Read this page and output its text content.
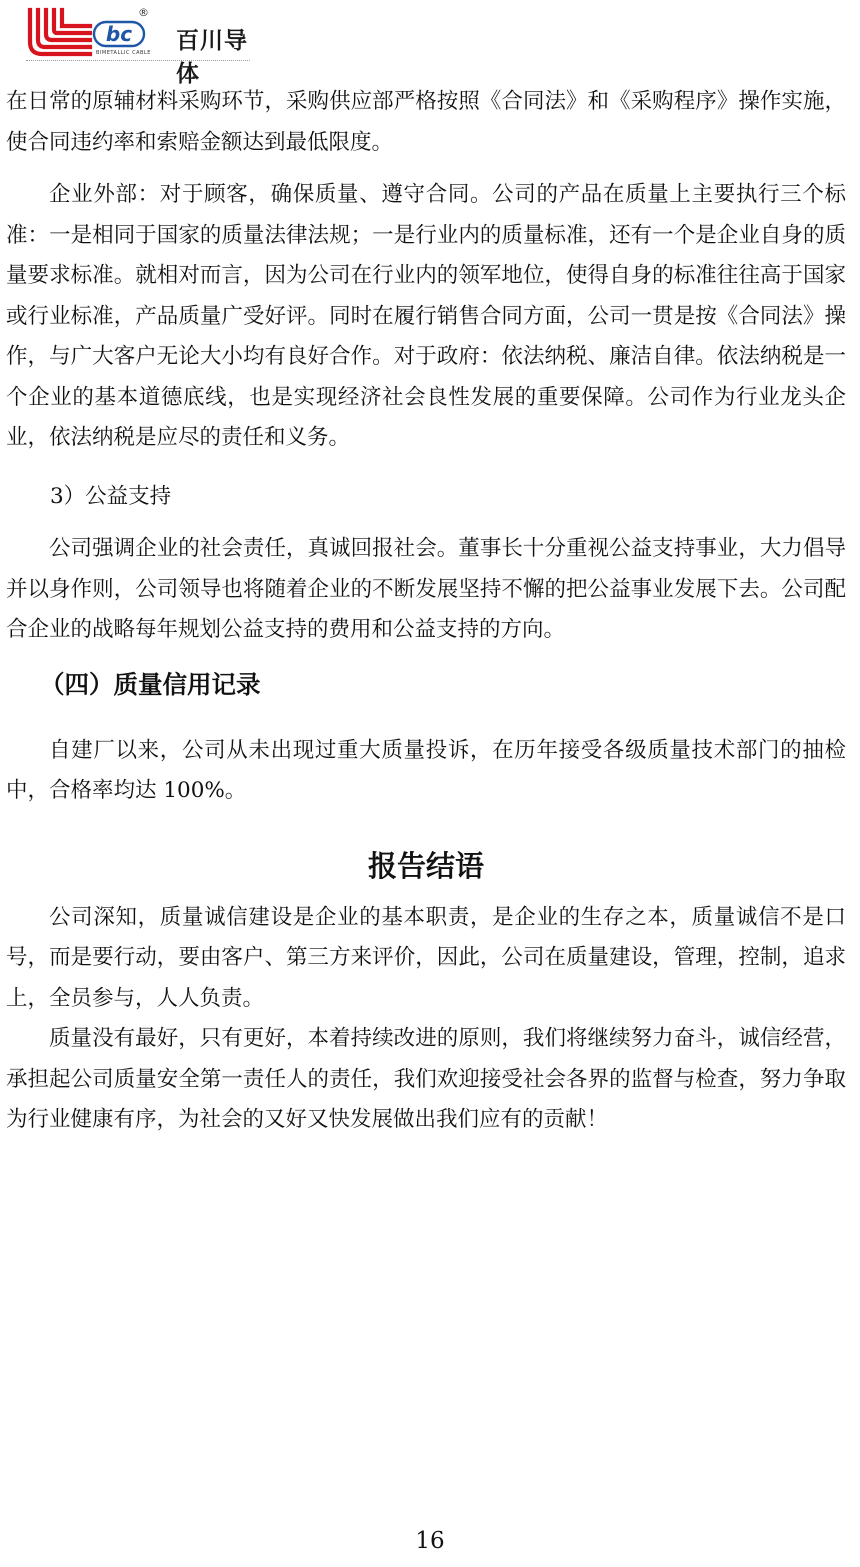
bc
®
BIMETALLIC CABLE 百川导体

在日常的原辅材料采购环节，采购供应部严格按照《合同法》和《采购程序》操作实施，使合同违约率和索赔金额达到最低限度。

企业外部：对于顾客，确保质量、遵守合同。公司的产品在质量上主要执行三个标准：一是相同于国家的质量法律法规；一是行业内的质量标准，还有一个是企业自身的质量要求标准。就相对而言，因为公司在行业内的领军地位，使得自身的标准往往高于国家或行业标准，产品质量广受好评。同时在履行销售合同方面，公司一贯是按《合同法》操作，与广大客户无论大小均有良好合作。对于政府：依法纳税、廉洁自律。依法纳税是一个企业的基本道德底线，也是实现经济社会良性发展的重要保障。公司作为行业龙头企业，依法纳税是应尽的责任和义务。

3）公益支持

公司强调企业的社会责任，真诚回报社会。董事长十分重视公益支持事业，大力倡导并以身作则，公司领导也将随着企业的不断发展坚持不懈的把公益事业发展下去。公司配合企业的战略每年规划公益支持的费用和公益支持的方向。

（四）质量信用记录

自建厂以来，公司从未出现过重大质量投诉，在历年接受各级质量技术部门的抽检中，合格率均达 100%。

报告结语

公司深知，质量诚信建设是企业的基本职责，是企业的生存之本，质量诚信不是口号，而是要行动，要由客户、第三方来评价，因此，公司在质量建设，管理，控制，追求上，全员参与，人人负责。

质量没有最好，只有更好，本着持续改进的原则，我们将继续努力奋斗，诚信经营，承担起公司质量安全第一责任人的责任，我们欢迎接受社会各界的监督与检查，努力争取为行业健康有序，为社会的又好又快发展做出我们应有的贡献！

16
